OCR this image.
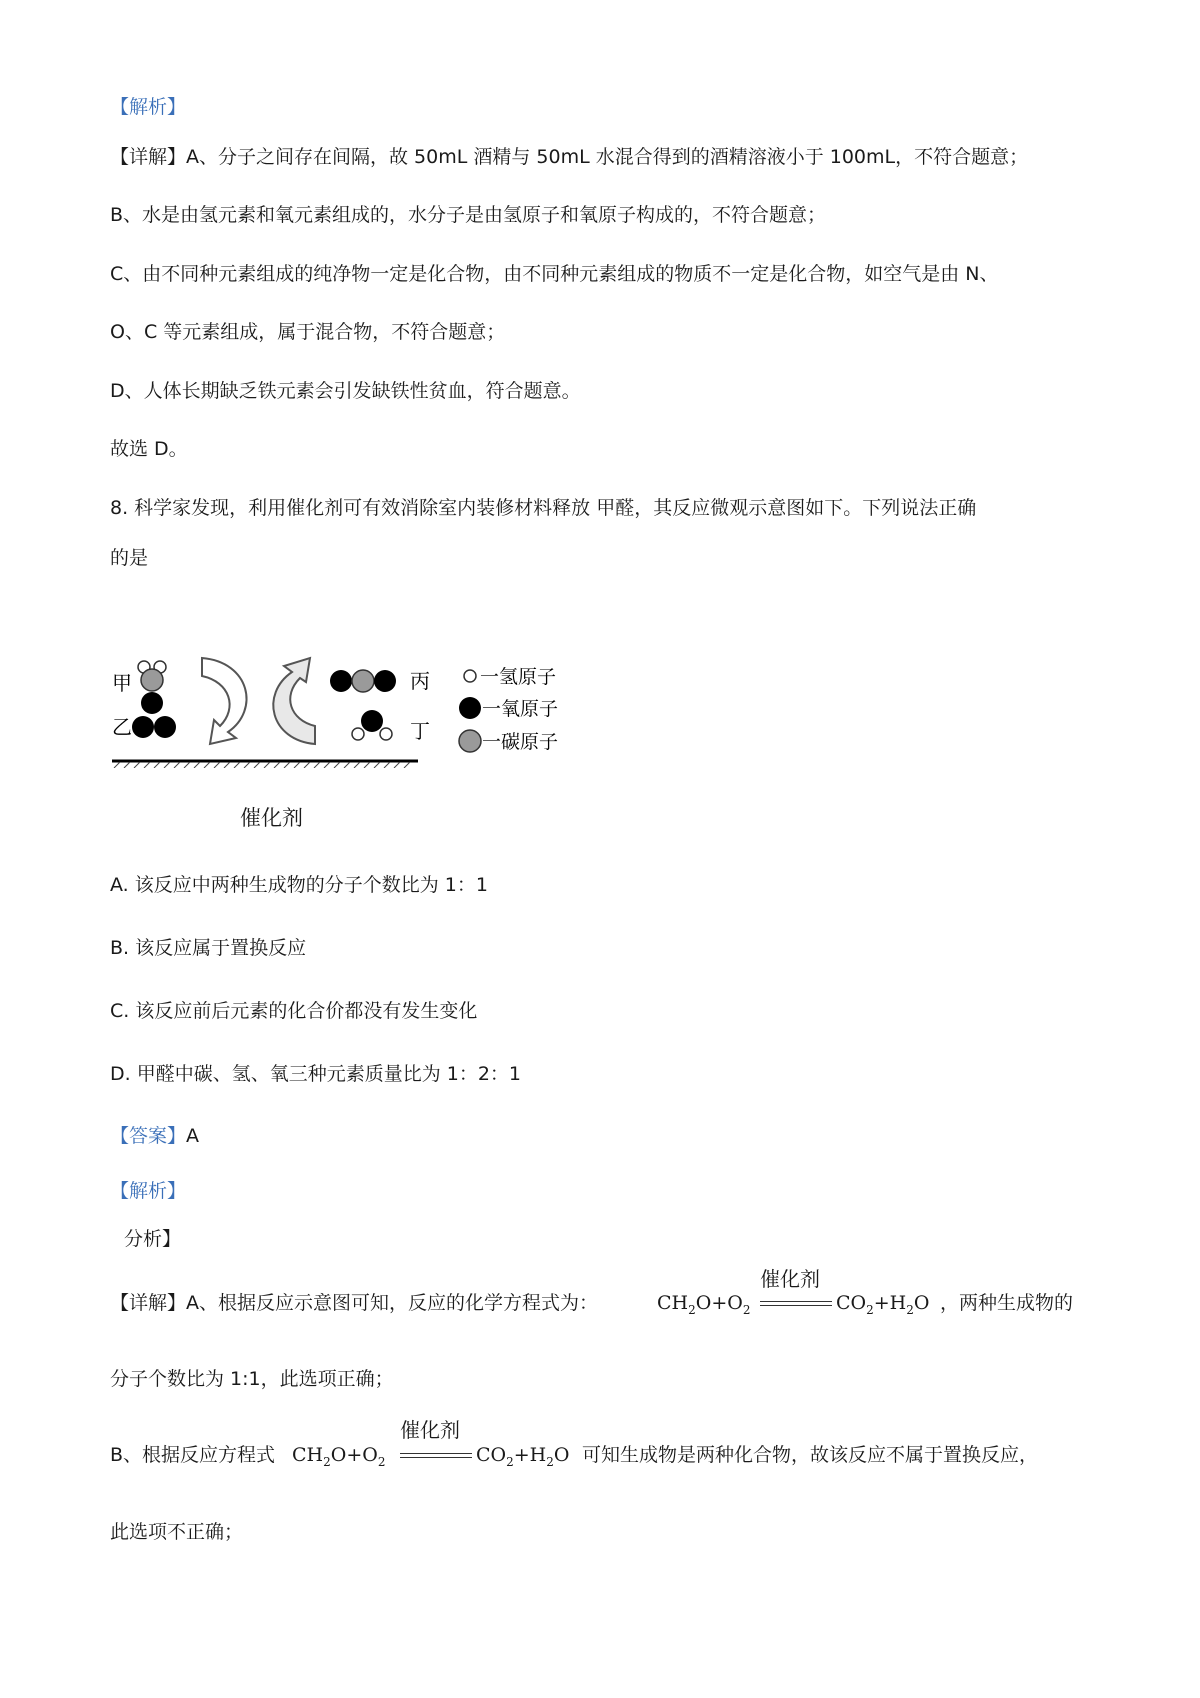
【解析】
【详解】A、分子之间存在间隔，故 50mL 酒精与 50mL 水混合得到的酒精溶液小于 100mL，不符合题意；
B、水是由氢元素和氧元素组成的，水分子是由氢原子和氧原子构成的，不符合题意；
C、由不同种元素组成的纯净物一定是化合物，由不同种元素组成的物质不一定是化合物，如空气是由 N、
O、C 等元素组成，属于混合物，不符合题意；
D、人体长期缺乏铁元素会引发缺铁性贫血，符合题意。
故选 D。
8. 科学家发现，利用催化剂可有效消除室内装修材料释放 甲醛，其反应微观示意图如下。下列说法正确
的是
甲
乙
丙
丁
一氢原子
一氧原子
一碳原子
催化剂
A. 该反应中两种生成物的分子个数比为 1：1
B. 该反应属于置换反应
C. 该反应前后元素的化合价都没有发生变化
D. 甲醛中碳、氢、氧三种元素质量比为 1：2：1
【答案】A
【解析】
分析】
【详解】A、根据反应示意图可知，反应的化学方程式为：	$CH_2O+O_2$
催化剂
$CO_2+H_2O$ ，两种生成物的
分子个数比为 1:1，此选项正确；
B、根据反应方程式 $CH_2O+O_2$
催化剂
$CO_2+H_2O$ 可知生成物是两种化合物，故该反应不属于置换反应，
此选项不正确；
